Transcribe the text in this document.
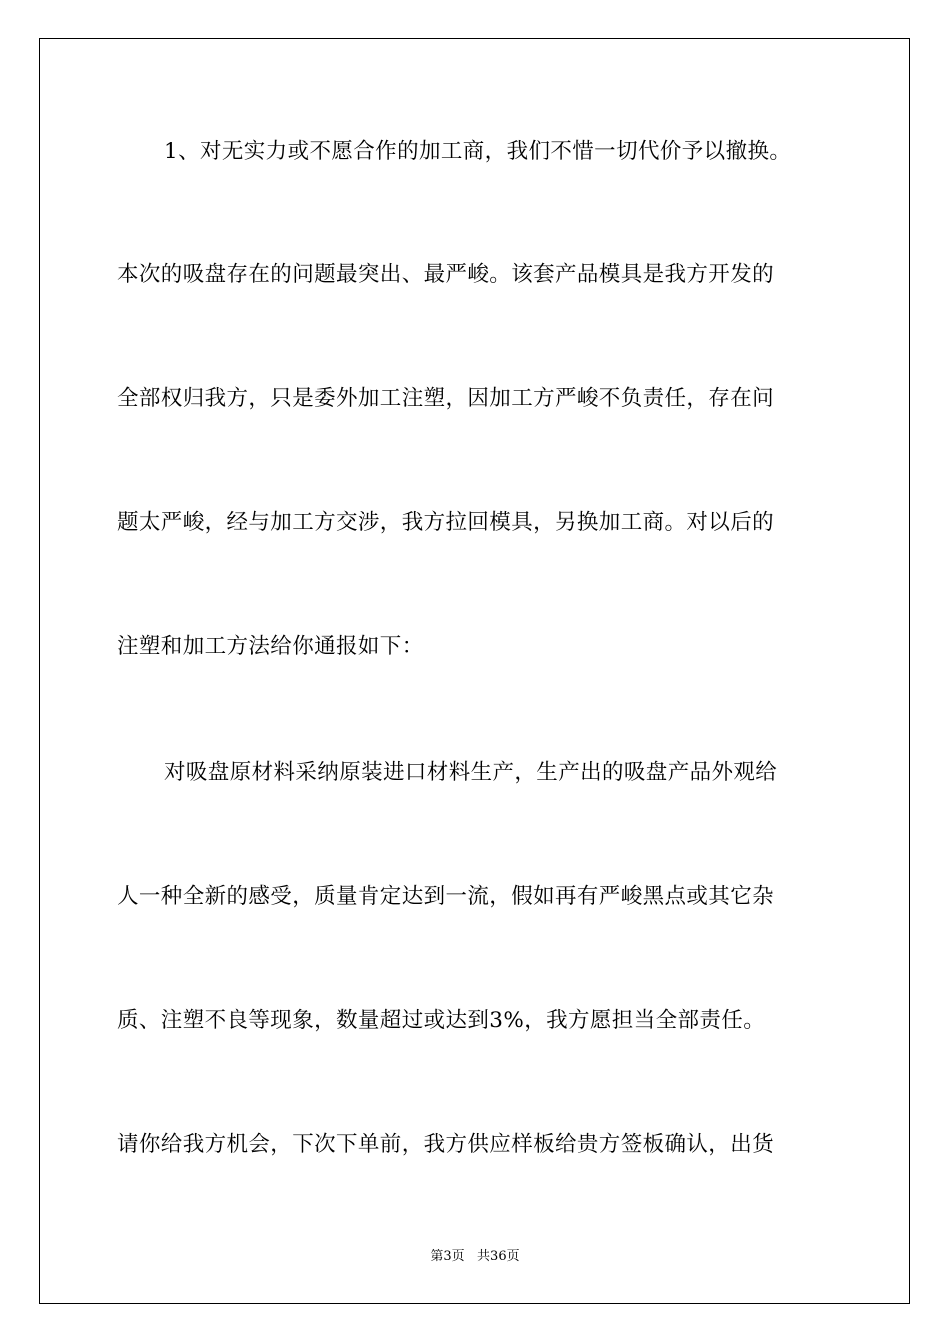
1、对无实力或不愿合作的加工商，我们不惜一切代价予以撤换。
本次的吸盘存在的问题最突出、最严峻。该套产品模具是我方开发的
全部权归我方，只是委外加工注塑，因加工方严峻不负责任，存在问
题太严峻，经与加工方交涉，我方拉回模具，另换加工商。对以后的
注塑和加工方法给你通报如下：
对吸盘原材料采纳原装进口材料生产，生产出的吸盘产品外观给
人一种全新的感受，质量肯定达到一流，假如再有严峻黑点或其它杂
质、注塑不良等现象，数量超过或达到3%，我方愿担当全部责任。
请你给我方机会，下次下单前，我方供应样板给贵方签板确认，出货
第3页   共36页
